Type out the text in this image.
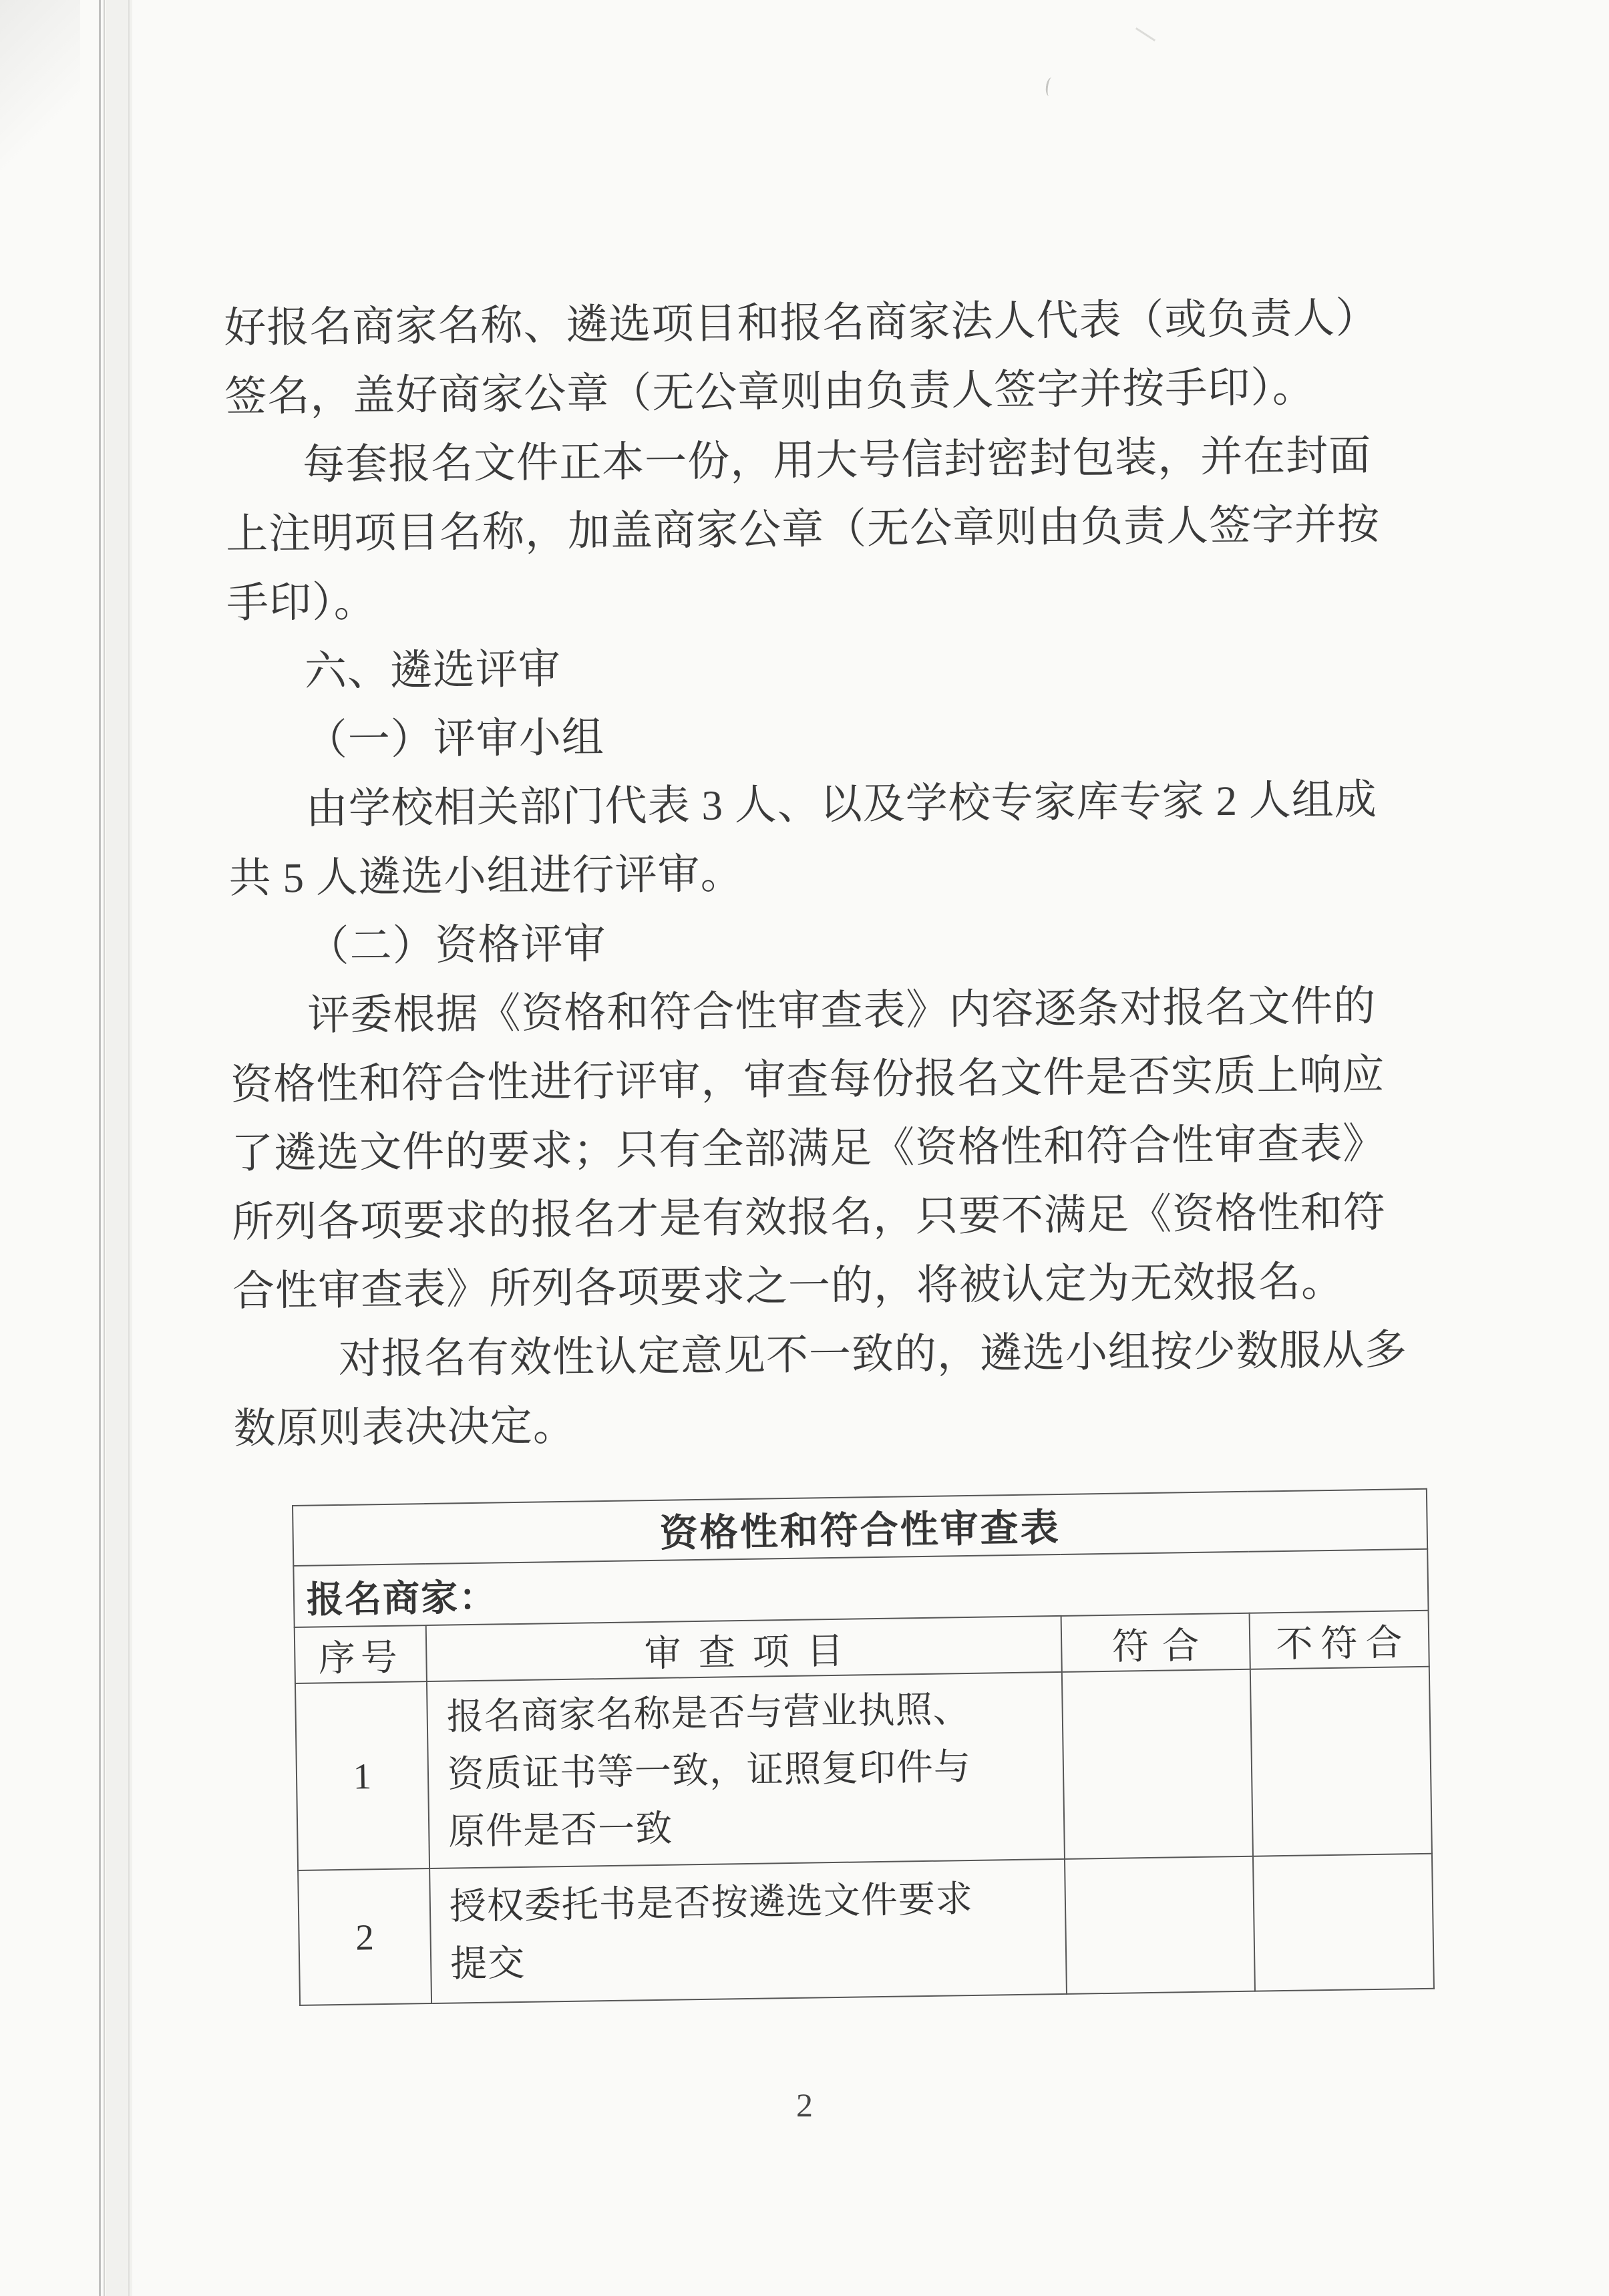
好报名商家名称、遴选项目和报名商家法人代表（或负责人）
签名，盖好商家公章（无公章则由负责人签字并按手印）。
每套报名文件正本一份，用大号信封密封包装，并在封面
上注明项目名称，加盖商家公章（无公章则由负责人签字并按
手印）。
六、遴选评审
（一）评审小组
由学校相关部门代表 3 人、以及学校专家库专家 2 人组成
共 5 人遴选小组进行评审。
（二）资格评审
评委根据《资格和符合性审查表》内容逐条对报名文件的
资格性和符合性进行评审，审查每份报名文件是否实质上响应
了遴选文件的要求；只有全部满足《资格性和符合性审查表》
所列各项要求的报名才是有效报名，只要不满足《资格性和符
合性审查表》所列各项要求之一的，将被认定为无效报名。
对报名有效性认定意见不一致的，遴选小组按少数服从多
数原则表决决定。
资格性和符合性审查表			
报名商家：			
序号	审查项目	符合	不符合
1	报名商家名称是否与营业执照、
资质证书等一致，证照复印件与
原件是否一致		
2	授权委托书是否按遴选文件要求
提交		
2
